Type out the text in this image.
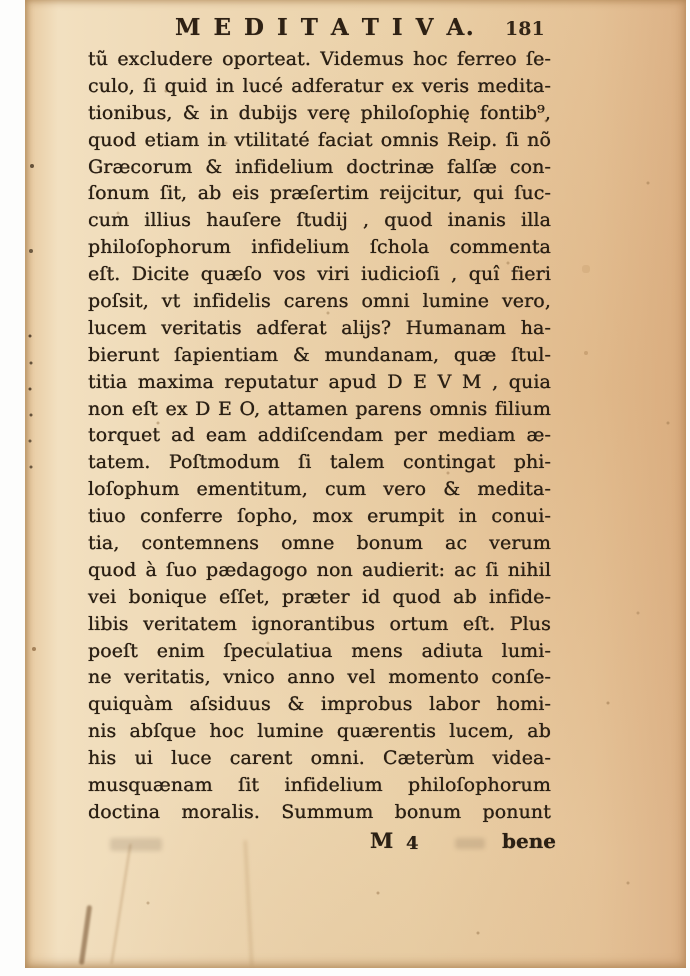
M E D I T A T I V A. 181
tũ excludere oporteat. Videmus hoc ferreo ſe-
culo, ſi quid in lucé adferatur ex veris medita-
tionibus, & in dubijs verę philoſophię fontib⁹,
quod etiam in vtilitaté faciat omnis Reip. ſi nõ
Græcorum & infidelium doctrinæ falſæ con-
ſonum ſit, ab eis præſertim reijcitur, qui ſuc-
cum illius hauſere ſtudij , quod inanis illa
philoſophorum infidelium ſchola commenta
eſt. Dicite quæſo vos viri iudicioſi , quî fieri
poſsit, vt infidelis carens omni lumine vero,
lucem veritatis adferat alijs? Humanam ha-
bierunt ſapientiam & mundanam, quæ ſtul-
titia maxima reputatur apud D E V M , quia
non eſt ex D E O, attamen parens omnis filium
torquet ad eam addiſcendam per mediam æ-
tatem. Poſtmodum ſi talem contingat phi-
loſophum ementitum, cum vero & medita-
tiuo conferre ſopho, mox erumpit in conui-
tia, contemnens omne bonum ac verum
quod à ſuo pædagogo non audierit: ac ſi nihil
vei bonique eſſet, præter id quod ab infide-
libis veritatem ignorantibus ortum eſt. Plus
poeſt enim ſpeculatiua mens adiuta lumi-
ne veritatis, vnico anno vel momento conſe-
quiquàm aſsiduus & improbus labor homi-
nis abſque hoc lumine quærentis lucem, ab
his ui luce carent omni. Cæterùm videa-
musquænam ſit infidelium philoſophorum
doctina moralis. Summum bonum ponunt
M 4	bene
